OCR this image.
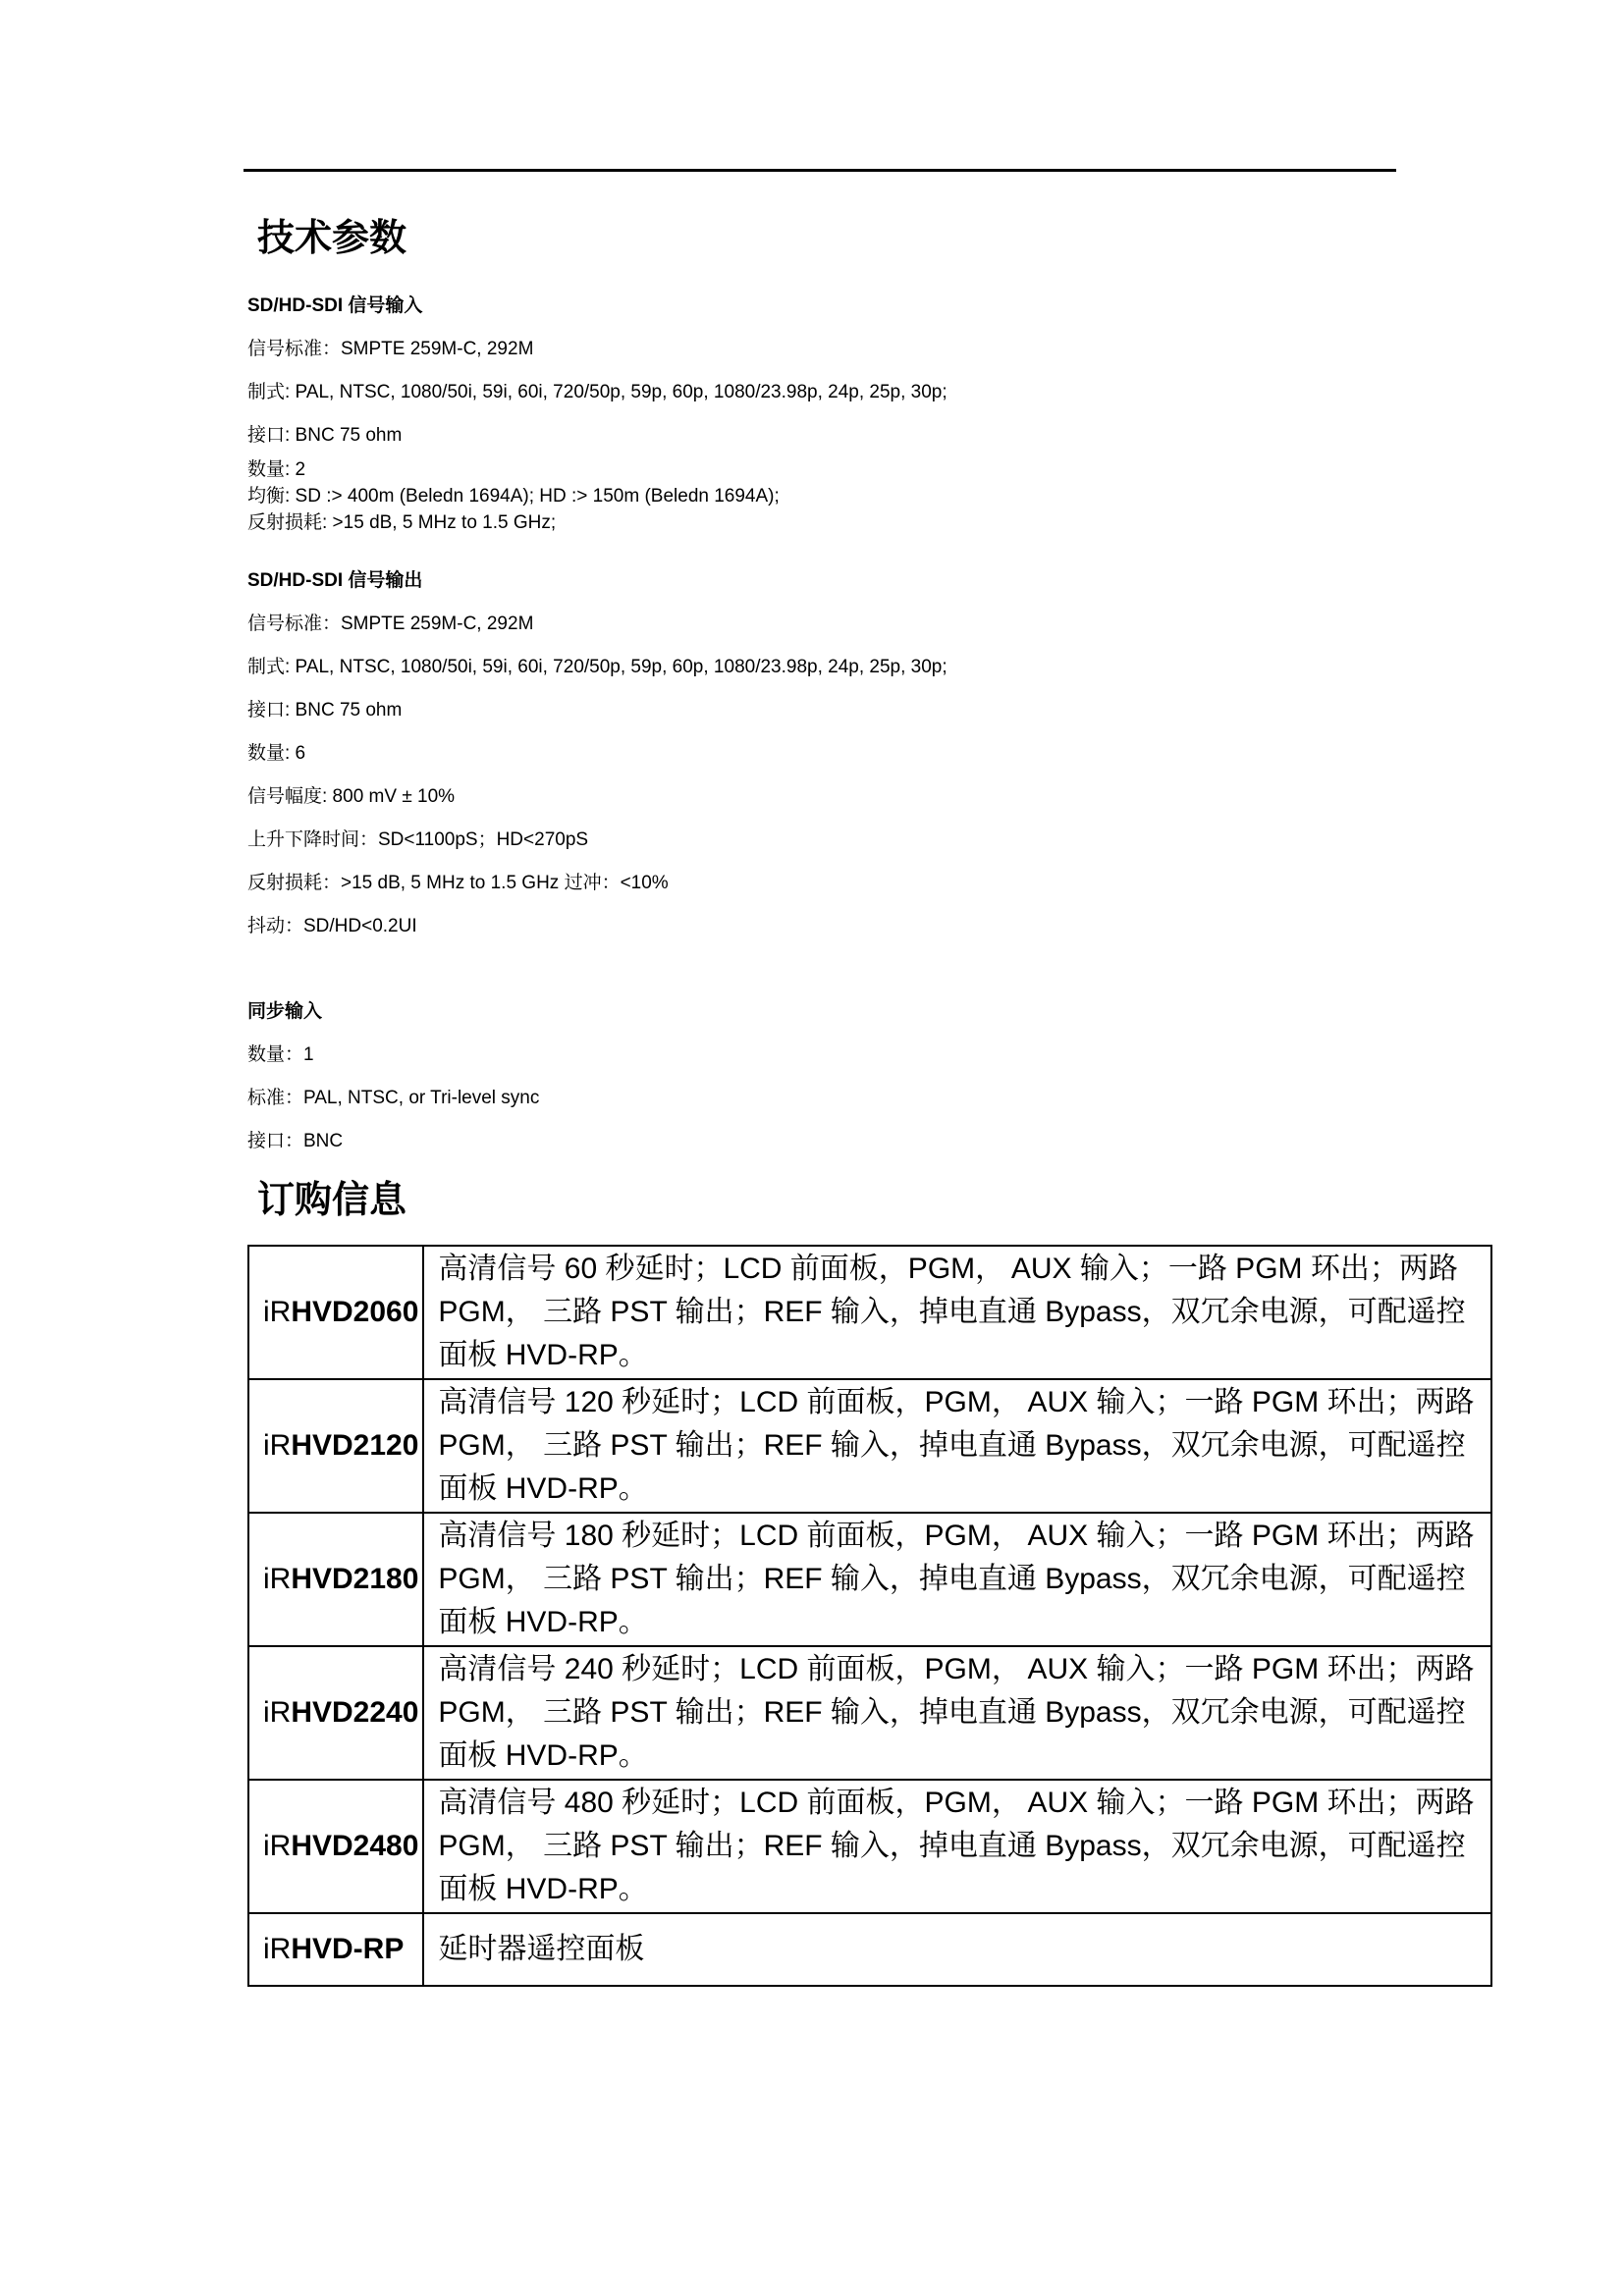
技术参数
SD/HD-SDI 信号输入
信号标准：SMPTE 259M-C, 292M
制式: PAL, NTSC, 1080/50i, 59i, 60i, 720/50p, 59p, 60p, 1080/23.98p, 24p, 25p, 30p;
接口: BNC 75 ohm
数量: 2
均衡: SD :> 400m (Beledn 1694A); HD :> 150m (Beledn 1694A);
反射损耗: >15 dB, 5 MHz to 1.5 GHz;
SD/HD-SDI 信号输出
信号标准：SMPTE 259M-C, 292M
制式: PAL, NTSC, 1080/50i, 59i, 60i, 720/50p, 59p, 60p, 1080/23.98p, 24p, 25p, 30p;
接口: BNC 75 ohm
数量: 6
信号幅度: 800 mV ± 10%
上升下降时间：SD<1100pS；HD<270pS
反射损耗：>15 dB, 5 MHz to 1.5 GHz 过冲：<10%
抖动：SD/HD<0.2UI
同步输入
数量：1
标准：PAL, NTSC, or Tri-level sync
接口：BNC
订购信息
iRHVD2060	高清信号 60 秒延时；LCD 前面板，PGM， AUX 输入；一路 PGM 环出；两路 PGM， 三路 PST 输出；REF 输入，掉电直通 Bypass，双冗余电源，可配遥控面板 HVD-RP。
iRHVD2120	高清信号 120 秒延时；LCD 前面板，PGM， AUX 输入；一路 PGM 环出；两路 PGM， 三路 PST 输出；REF 输入，掉电直通 Bypass，双冗余电源，可配遥控面板 HVD-RP。
iRHVD2180	高清信号 180 秒延时；LCD 前面板，PGM， AUX 输入；一路 PGM 环出；两路 PGM， 三路 PST 输出；REF 输入，掉电直通 Bypass，双冗余电源，可配遥控面板 HVD-RP。
iRHVD2240	高清信号 240 秒延时；LCD 前面板，PGM， AUX 输入；一路 PGM 环出；两路 PGM， 三路 PST 输出；REF 输入，掉电直通 Bypass，双冗余电源，可配遥控面板 HVD-RP。
iRHVD2480	高清信号 480 秒延时；LCD 前面板，PGM， AUX 输入；一路 PGM 环出；两路 PGM， 三路 PST 输出；REF 输入，掉电直通 Bypass，双冗余电源，可配遥控面板 HVD-RP。
iRHVD-RP	延时器遥控面板
